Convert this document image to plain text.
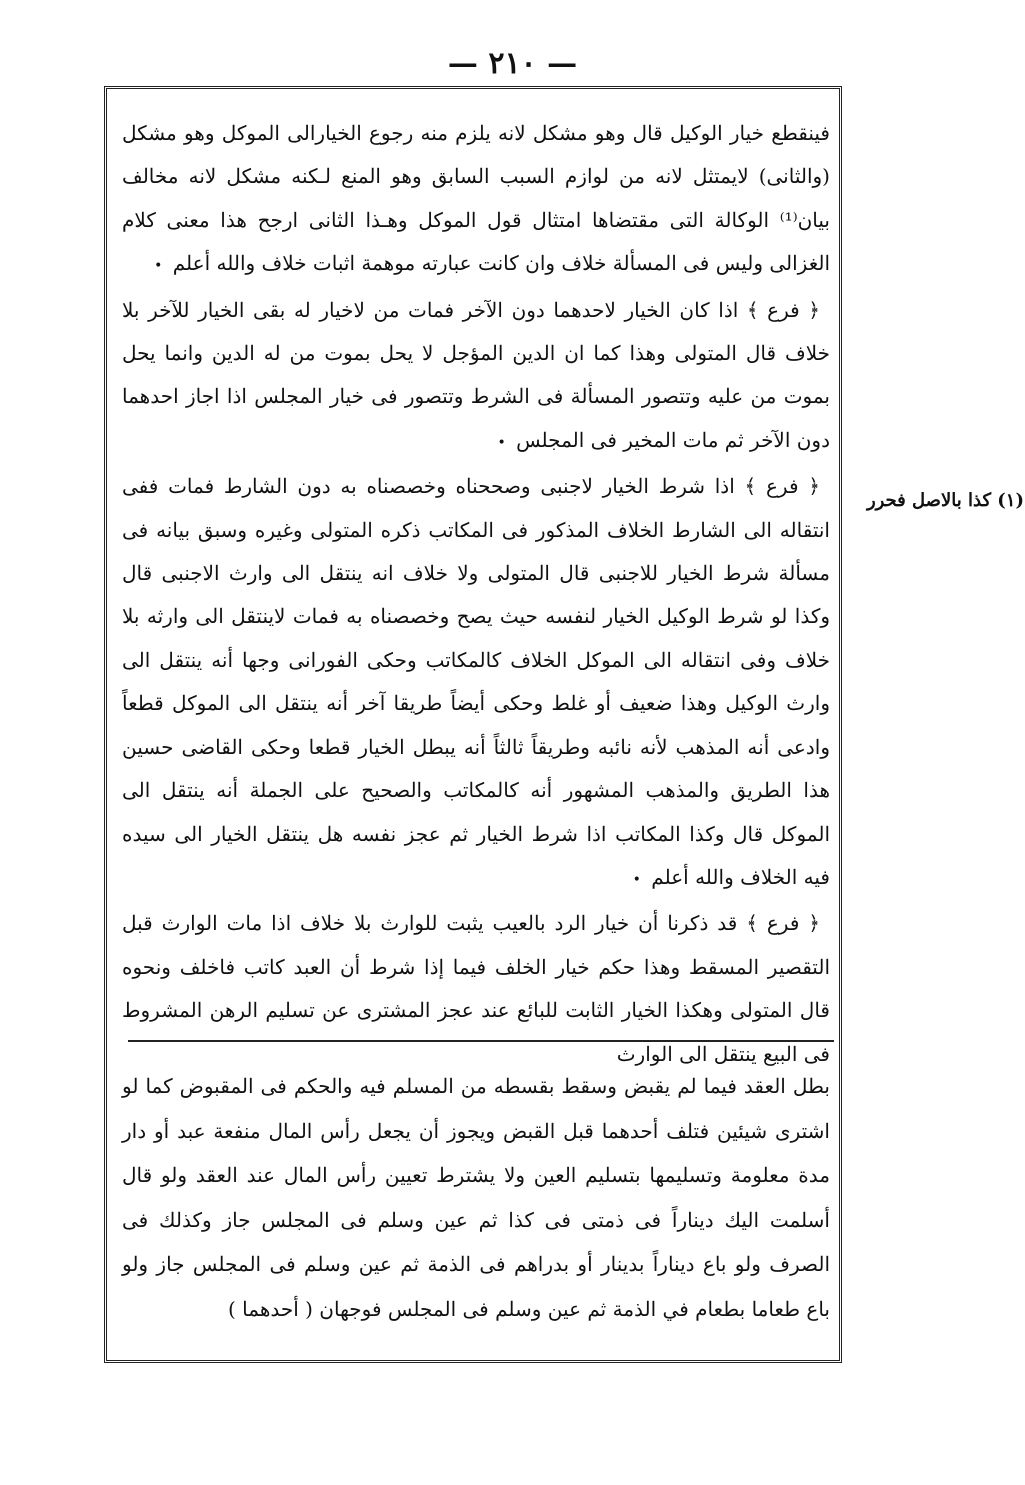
— ٢١٠ —

فينقطع خيار الوكيل قال وهو مشكل لانه يلزم منه رجوع الخيارالى الموكل وهو مشكل (والثانى) لايمتثل لانه من لوازم السبب السابق وهو المنع لـكنه مشكل لانه مخالف بيان⁽¹⁾ الوكالة التى مقتضاها امتثال قول الموكل وهـذا الثانى ارجح هذا معنى كلام الغزالى وليس فى المسألة خلاف وان كانت عبارته موهمة اثبات خلاف والله أعلم •

﴿ فرع ﴾ اذا كان الخيار لاحدهما دون الآخر فمات من لاخيار له بقى الخيار للآخر بلا خلاف قال المتولى وهذا كما ان الدين المؤجل لا يحل بموت من له الدين وانما يحل بموت من عليه وتتصور المسألة فى الشرط وتتصور فى خيار المجلس اذا اجاز احدهما دون الآخر ثم مات المخير فى المجلس •

﴿ فرع ﴾ اذا شرط الخيار لاجنبى وصححناه وخصصناه به دون الشارط فمات ففى انتقاله الى الشارط الخلاف المذكور فى المكاتب ذكره المتولى وغيره وسبق بيانه فى مسألة شرط الخيار للاجنبى قال المتولى ولا خلاف انه ينتقل الى وارث الاجنبى قال وكذا لو شرط الوكيل الخيار لنفسه حيث يصح وخصصناه به فمات لاينتقل الى وارثه بلا خلاف وفى انتقاله الى الموكل الخلاف كالمكاتب وحكى الفورانى وجها أنه ينتقل الى وارث الوكيل وهذا ضعيف أو غلط وحكى أيضاً طريقا آخر أنه ينتقل الى الموكل قطعاً وادعى أنه المذهب لأنه نائبه وطريقاً ثالثاً أنه يبطل الخيار قطعا وحكى القاضى حسين هذا الطريق والمذهب المشهور أنه كالمكاتب والصحيح على الجملة أنه ينتقل الى الموكل قال وكذا المكاتب اذا شرط الخيار ثم عجز نفسه هل ينتقل الخيار الى سيده فيه الخلاف والله أعلم •

﴿ فرع ﴾ قد ذكرنا أن خيار الرد بالعيب يثبت للوارث بلا خلاف اذا مات الوارث قبل التقصير المسقط وهذا حكم خيار الخلف فيما إذا شرط أن العبد كاتب فاخلف ونحوه قال المتولى وهكذا الخيار الثابت للبائع عند عجز المشترى عن تسليم الرهن المشروط فى البيع ينتقل الى الوارث

بطل العقد فيما لم يقبض وسقط بقسطه من المسلم فيه والحكم فى المقبوض كما لو اشترى شيئين فتلف أحدهما قبل القبض ويجوز أن يجعل رأس المال منفعة عبد أو دار مدة معلومة وتسليمها بتسليم العين ولا يشترط تعيين رأس المال عند العقد ولو قال أسلمت اليك ديناراً فى ذمتى فى كذا ثم عين وسلم فى المجلس جاز وكذلك فى الصرف ولو باع ديناراً بدينار أو بدراهم فى الذمة ثم عين وسلم فى المجلس جاز ولو باع طعاما بطعام في الذمة ثم عين وسلم فى المجلس فوجهان ( أحدهما )

(١) كذا بالاصل فحرر
